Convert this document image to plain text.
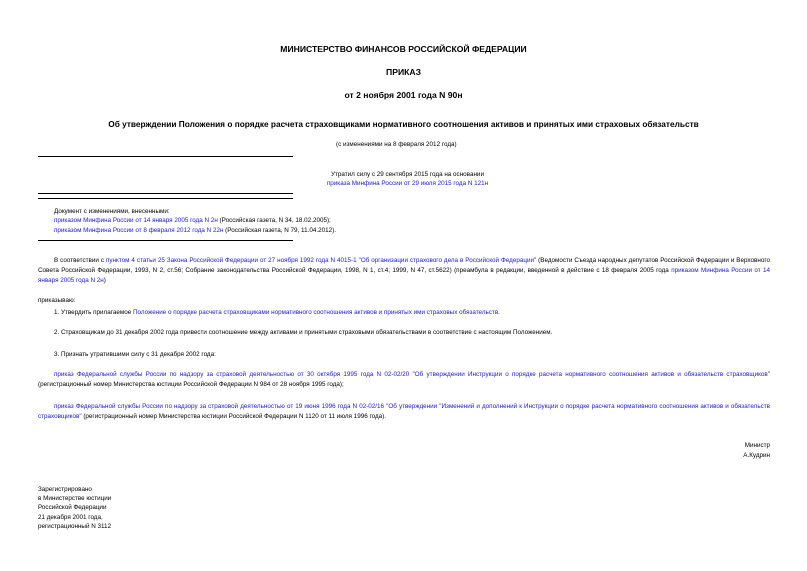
МИНИСТЕРСТВО ФИНАНСОВ РОССИЙСКОЙ ФЕДЕРАЦИИ
ПРИКАЗ
от 2 ноября 2001 года N 90н
Об утверждении Положения о порядке расчета страховщиками нормативного соотношения активов и принятых ими страховых обязательств
(с изменениями на 8 февраля 2012 года)
Утратил силу с 29 сентября 2015 года на основании
приказа Минфина России от 29 июля 2015 года N 121н
Документ с изменениями, внесенными:
приказом Минфина России от 14 января 2005 года N 2н (Российская газета, N 34, 18.02.2005);
приказом Минфина России от 8 февраля 2012 года N 22н (Российская газета, N 79, 11.04.2012).
В соответствии с пунктом 4 статьи 25 Закона Российской Федерации от 27 ноября 1992 года N 4015-1 "Об организации страхового дела в Российской Федерации" (Ведомости Съезда народных депутатов Российской Федерации и Верховного Совета Российской Федерации, 1993, N 2, ст.56; Собрание законодательства Российской Федерации, 1998, N 1, ст.4; 1999, N 47, ст.5622) (преамбула в редакции, введенной в действие с 18 февраля 2005 года приказом Минфина России от 14 января 2005 года N 2н)
приказываю:
1. Утвердить прилагаемое Положение о порядке расчета страховщиками нормативного соотношения активов и принятых ими страховых обязательств.
2. Страховщикам до 31 декабря 2002 года привести соотношение между активами и принятыми страховыми обязательствами в соответствие с настоящим Положением.
3. Признать утратившими силу с 31 декабря 2002 года:
приказ Федеральной службы России по надзору за страховой деятельностью от 30 октября 1995 года N 02-02/20 "Об утверждении Инструкции о порядке расчета нормативного соотношения активов и обязательств страховщиков" (регистрационный номер Министерства юстиции Российской Федерации N 984 от 28 ноября 1995 года);
приказ Федеральной службы России по надзору за страховой деятельностью от 19 июня 1996 года N 02-02/16 "Об утверждении "Изменений и дополнений к Инструкции о порядке расчета нормативного соотношения активов и обязательств страховщиков" (регистрационный номер Министерства юстиции Российской Федерации N 1120 от 11 июля 1996 года).
Министр
А.Кудрин
Зарегистрировано
в Министерстве юстиции
Российской Федерации
21 декабря 2001 года,
регистрационный N 3112
